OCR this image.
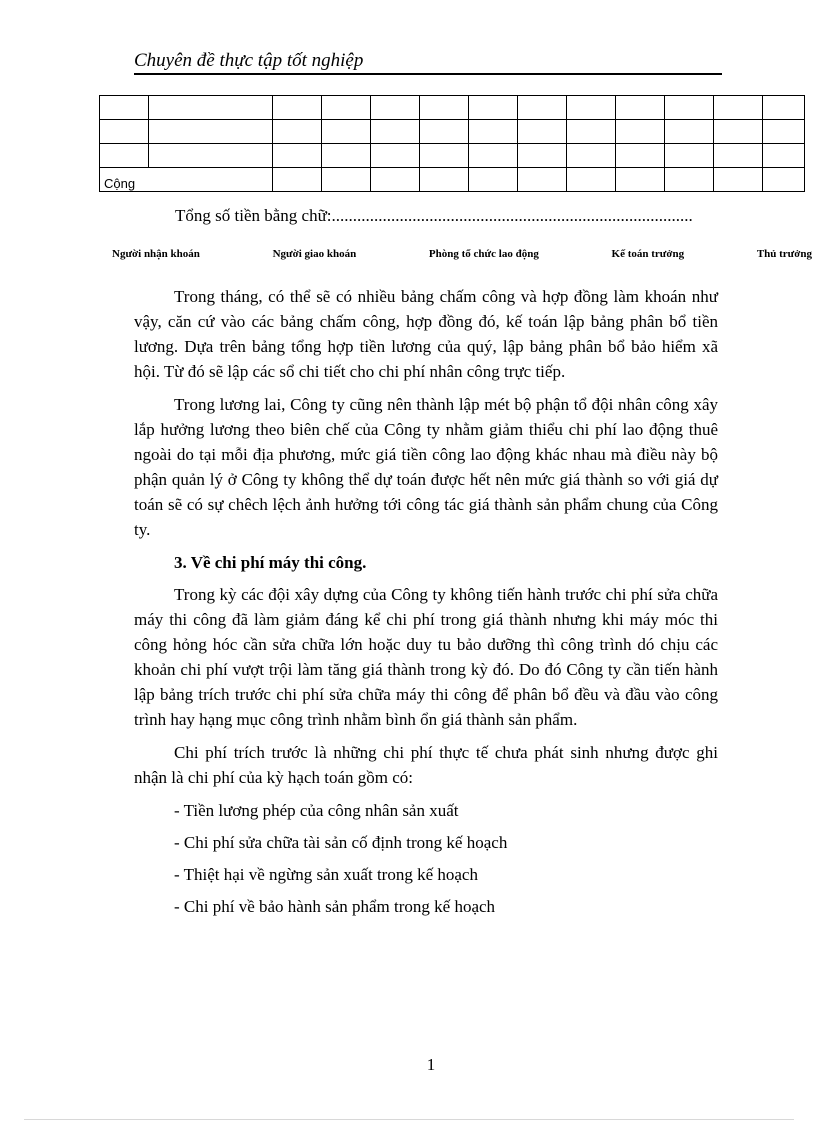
Chuyên đề thực tập tốt nghiệp

Cộng												
Tổng số tiền bằng chữ:.....................................................................................
Người nhận khoán	Người giao khoán	Phòng tổ chức lao động	Kế toán trưởng	Thủ trưởng

Trong tháng, có thể sẽ có nhiều bảng chấm công và hợp đồng làm khoán như vậy, căn cứ vào các bảng chấm công, hợp đồng đó, kế toán lập bảng phân bổ tiền lương. Dựa trên bảng tổng hợp tiền lương của quý, lập bảng phân bổ bảo hiểm xã hội. Từ đó sẽ lập các sổ chi tiết cho chi phí nhân công trực tiếp.

Trong lương lai, Công ty cũng nên thành lập mét bộ phận tổ đội nhân công xây lắp hưởng lương theo biên chế của Công ty nhằm giảm thiểu chi phí lao động thuê ngoài do tại mỗi địa phương, mức giá tiền công lao động khác nhau mà điều này bộ phận quản lý ở Công ty không thể dự toán được hết nên mức giá thành so với giá dự toán sẽ có sự chêch lệch ảnh hưởng tới công tác giá thành sản phẩm chung của Công ty.

3. Về chi phí máy thi công.

Trong kỳ các đội xây dựng của Công ty không tiến hành trước chi phí sửa chữa máy thi công đã làm giảm đáng kể chi phí trong giá thành nhưng khi máy móc thi công hỏng hóc cần sửa chữa lớn hoặc duy tu bảo dưỡng thì công trình dó chịu các khoản chi phí vượt trội làm tăng giá thành trong kỳ đó. Do đó Công ty cần tiến hành lập bảng trích trước chi phí sửa chữa máy thi công để phân bổ đều và đầu vào công trình hay hạng mục công trình nhằm bình ổn giá thành sản phẩm.

Chi phí trích trước là những chi phí thực tế chưa phát sinh nhưng được ghi nhận là chi phí của kỳ hạch toán gồm có:

- Tiền lương phép của công nhân sản xuất

- Chi phí sửa chữa tài sản cố định trong kế hoạch

- Thiệt hại về ngừng sản xuất trong kế hoạch

- Chi phí về bảo hành sản phẩm trong kế hoạch

1
